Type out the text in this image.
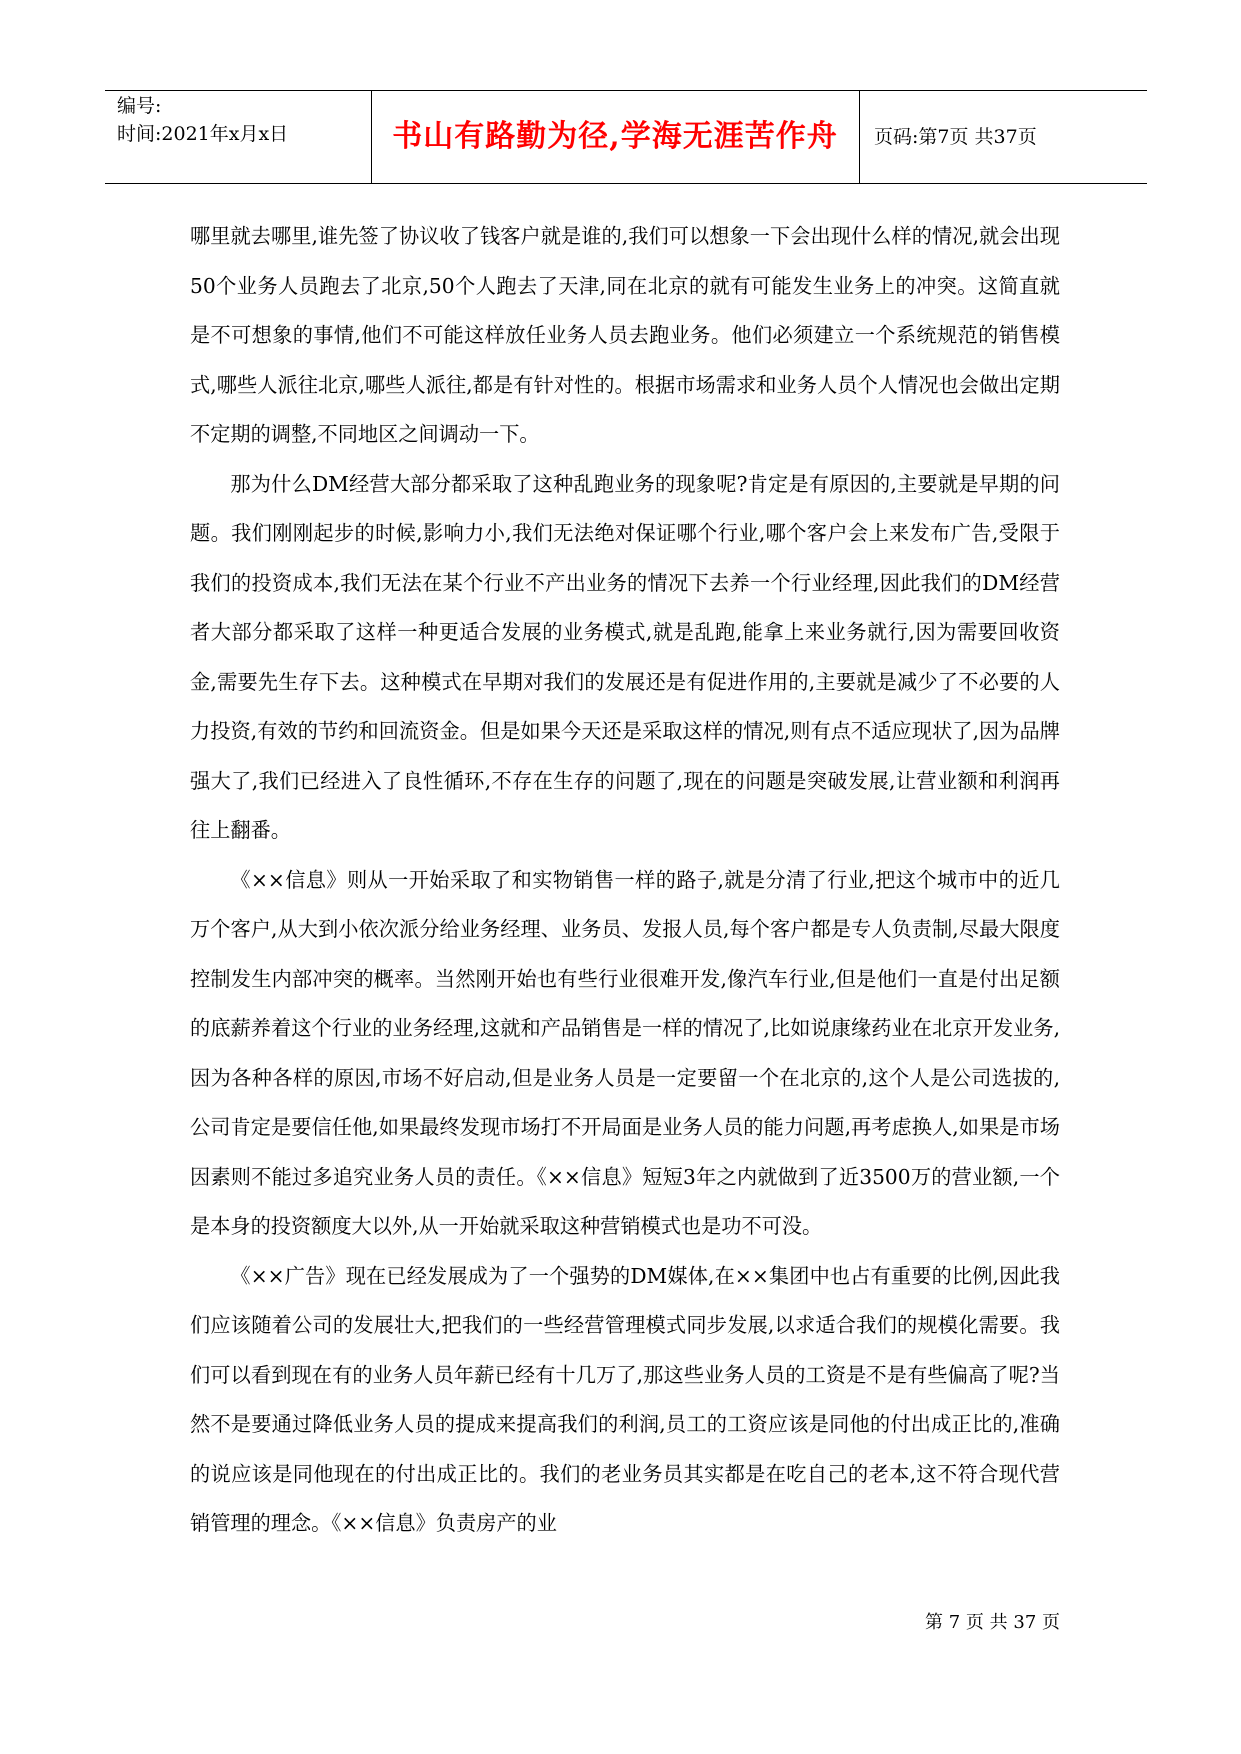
编号:
时间:2021年x月x日	书山有路勤为径,学海无涯苦作舟	页码:第7页 共37页

哪里就去哪里,谁先签了协议收了钱客户就是谁的,我们可以想象一下会出现什么样的情况,就会出现50个业务人员跑去了北京,50个人跑去了天津,同在北京的就有可能发生业务上的冲突。这简直就是不可想象的事情,他们不可能这样放任业务人员去跑业务。他们必须建立一个系统规范的销售模式,哪些人派往北京,哪些人派往,都是有针对性的。根据市场需求和业务人员个人情况也会做出定期不定期的调整,不同地区之间调动一下。

那为什么DM经营大部分都采取了这种乱跑业务的现象呢?肯定是有原因的,主要就是早期的问题。我们刚刚起步的时候,影响力小,我们无法绝对保证哪个行业,哪个客户会上来发布广告,受限于我们的投资成本,我们无法在某个行业不产出业务的情况下去养一个行业经理,因此我们的DM经营者大部分都采取了这样一种更适合发展的业务模式,就是乱跑,能拿上来业务就行,因为需要回收资金,需要先生存下去。这种模式在早期对我们的发展还是有促进作用的,主要就是减少了不必要的人力投资,有效的节约和回流资金。但是如果今天还是采取这样的情况,则有点不适应现状了,因为品牌强大了,我们已经进入了良性循环,不存在生存的问题了,现在的问题是突破发展,让营业额和利润再往上翻番。

《××信息》则从一开始采取了和实物销售一样的路子,就是分清了行业,把这个城市中的近几万个客户,从大到小依次派分给业务经理、业务员、发报人员,每个客户都是专人负责制,尽最大限度控制发生内部冲突的概率。当然刚开始也有些行业很难开发,像汽车行业,但是他们一直是付出足额的底薪养着这个行业的业务经理,这就和产品销售是一样的情况了,比如说康缘药业在北京开发业务,因为各种各样的原因,市场不好启动,但是业务人员是一定要留一个在北京的,这个人是公司选拔的,公司肯定是要信任他,如果最终发现市场打不开局面是业务人员的能力问题,再考虑换人,如果是市场因素则不能过多追究业务人员的责任。《××信息》短短3年之内就做到了近3500万的营业额,一个是本身的投资额度大以外,从一开始就采取这种营销模式也是功不可没。

《××广告》现在已经发展成为了一个强势的DM媒体,在××集团中也占有重要的比例,因此我们应该随着公司的发展壮大,把我们的一些经营管理模式同步发展,以求适合我们的规模化需要。我们可以看到现在有的业务人员年薪已经有十几万了,那这些业务人员的工资是不是有些偏高了呢?当然不是要通过降低业务人员的提成来提高我们的利润,员工的工资应该是同他的付出成正比的,准确的说应该是同他现在的付出成正比的。我们的老业务员其实都是在吃自己的老本,这不符合现代营销管理的理念。《××信息》负责房产的业

第 7 页 共 37 页
